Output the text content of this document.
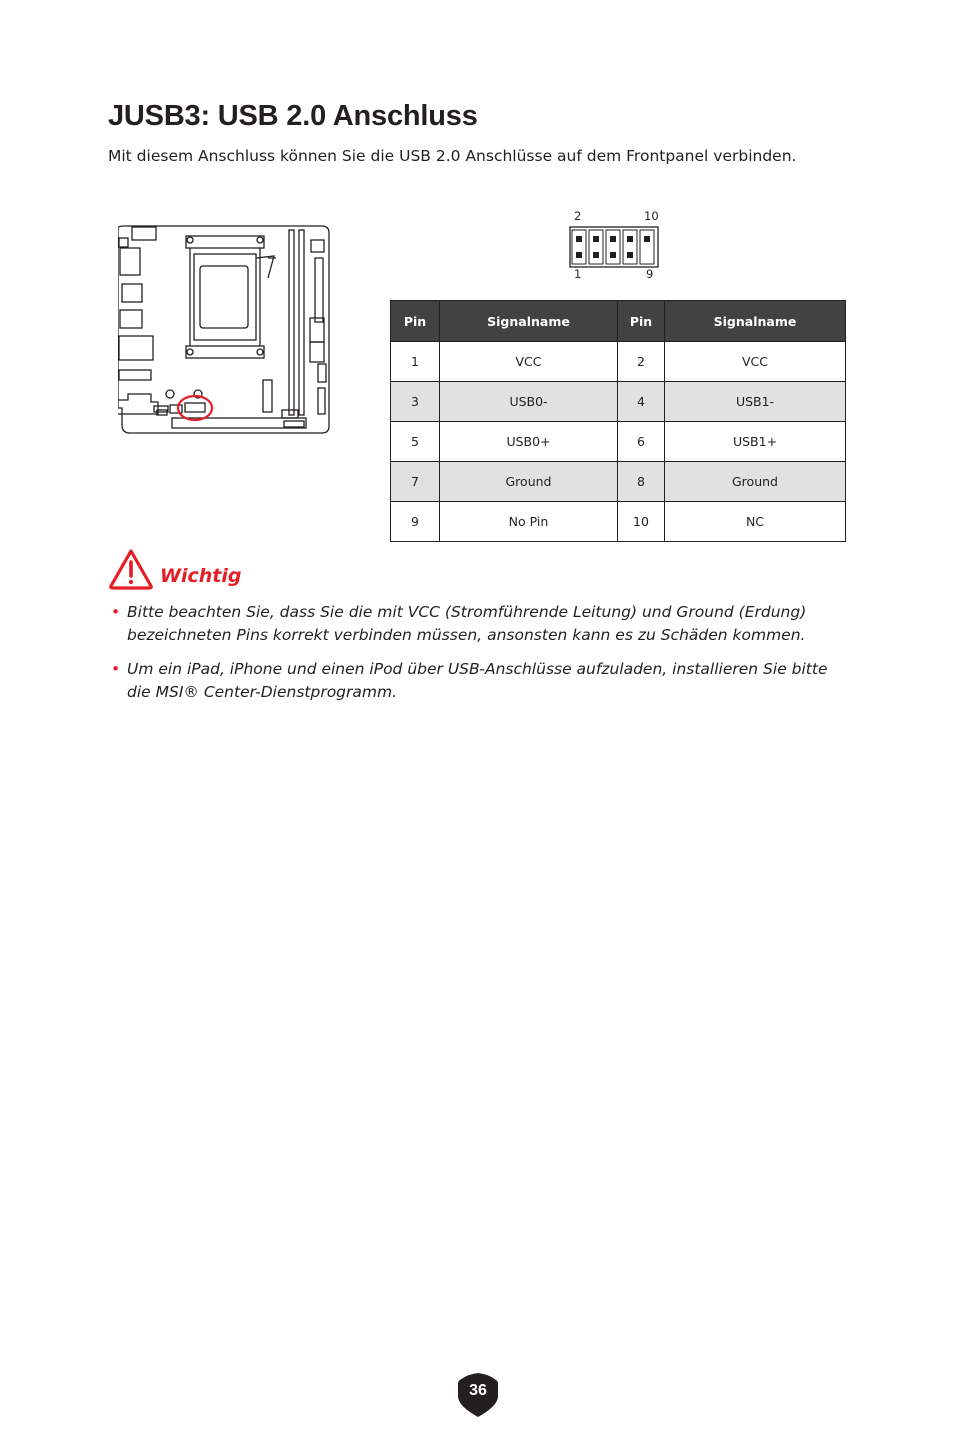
JUSB3: USB 2.0 Anschluss

Mit diesem Anschluss können Sie die USB 2.0 Anschlüsse auf dem Frontpanel verbinden.

2	10
1	9
Pin	Signalname	Pin	Signalname
1	VCC	2	VCC
3	USB0-	4	USB1-
5	USB0+	6	USB1+
7	Ground	8	Ground
9	No Pin	10	NC
Wichtig
• Bitte beachten Sie, dass Sie die mit VCC (Stromführende Leitung) und Ground (Erdung) bezeichneten Pins korrekt verbinden müssen, ansonsten kann es zu Schäden kommen.
• Um ein iPad, iPhone und einen iPod über USB-Anschlüsse aufzuladen, installieren Sie bitte die MSI® Center-Dienstprogramm.
36
